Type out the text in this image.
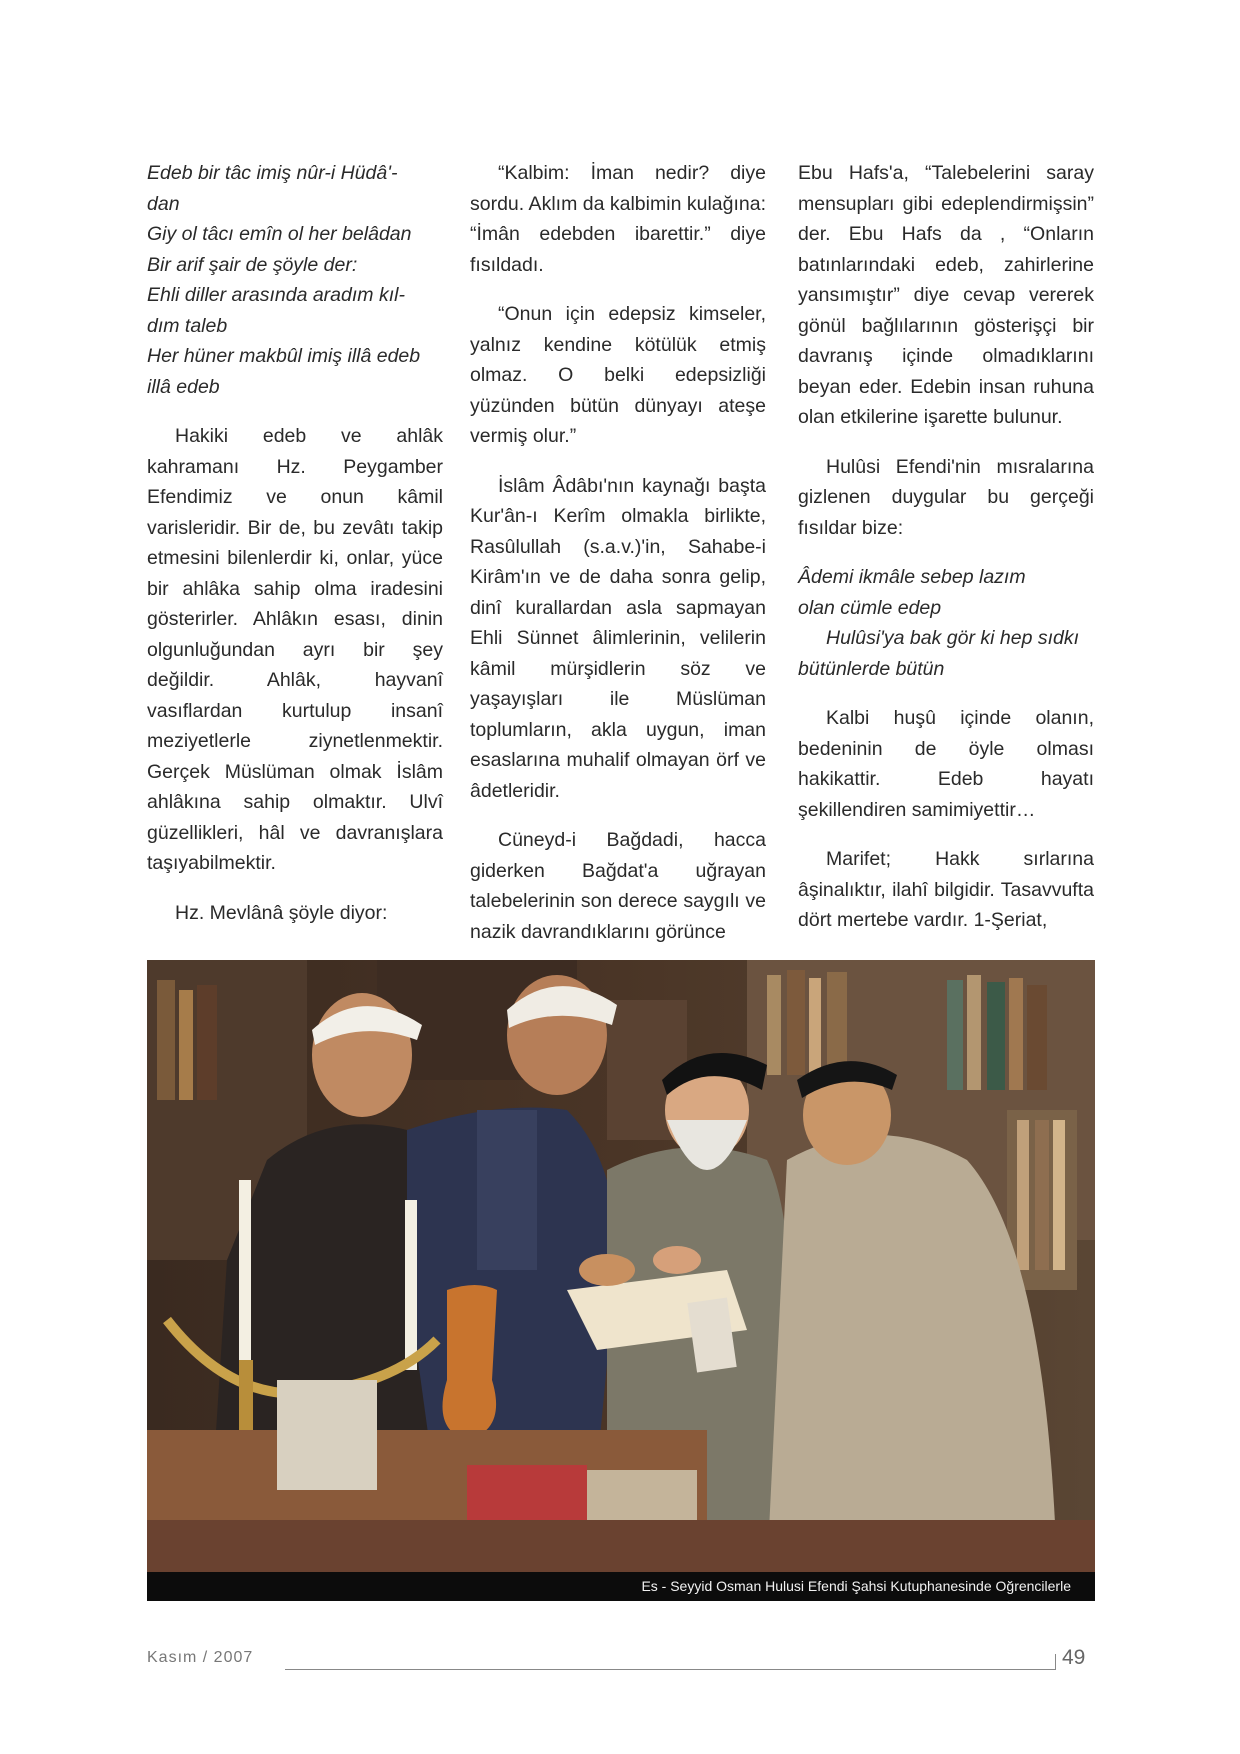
Edeb bir tâc imiş nûr-i Hüdâ'-
dan
Giy ol tâcı emîn ol her belâdan
Bir arif şair de şöyle der:
Ehli diller arasında aradım kıl-
dım taleb
Her hüner makbûl imiş illâ edeb
illâ edeb

Hakiki edeb ve ahlâk kahramanı Hz. Peygamber Efendimiz ve onun kâmil varisleridir. Bir de, bu zevâtı takip etmesini bilenlerdir ki, onlar, yüce bir ahlâka sahip olma iradesini gösterirler. Ahlâkın esası, dinin olgunluğundan ayrı bir şey değildir. Ahlâk, hayvanî vasıflardan kurtulup insanî meziyetlerle ziynetlenmektir. Gerçek Müslüman olmak İslâm ahlâkına sahip olmaktır. Ulvî güzellikleri, hâl ve davranışlara taşıyabilmektir.

Hz. Mevlânâ şöyle diyor:

“Kalbim: İman nedir? diye sordu. Aklım da kalbimin kulağına: “İmân edebden ibarettir.” diye fısıldadı.

“Onun için edepsiz kimseler, yalnız kendine kötülük etmiş olmaz. O belki edepsizliği yüzünden bütün dünyayı ateşe vermiş olur.”

İslâm Âdâbı'nın kaynağı başta Kur'ân-ı Kerîm olmakla birlikte, Rasûlullah (s.a.v.)'in, Sahabe-i Kirâm'ın ve de daha sonra gelip, dinî kurallardan asla sapmayan Ehli Sünnet âlimlerinin, velilerin kâmil mürşidlerin söz ve yaşayışları ile Müslüman toplumların, akla uygun, iman esaslarına muhalif olmayan örf ve âdetleridir.

Cüneyd-i Bağdadi, hacca giderken Bağdat'a uğrayan talebelerinin son derece saygılı ve nazik davrandıklarını görünce

Ebu Hafs'a, “Talebelerini saray mensupları gibi edeplendirmişsin” der. Ebu Hafs da , “Onların batınlarındaki edeb, zahirlerine yansımıştır” diye cevap vererek gönül bağlılarının gösterişçi bir davranış içinde olmadıklarını beyan eder. Edebin insan ruhuna olan etkilerine işarette bulunur.

Hulûsi Efendi'nin mısralarına gizlenen duygular bu gerçeği fısıldar bize:

Âdemi ikmâle sebep lazım
olan cümle edep
Hulûsi'ya bak gör ki hep sıdkı
bütünlerde bütün

Kalbi huşû içinde olanın, bedeninin de öyle olması hakikattir. Edeb hayatı şekillendiren samimiyettir…

Marifet; Hakk sırlarına âşinalıktır, ilahî bilgidir. Tasavvufta dört mertebe vardır. 1-Şeriat,

Es - Seyyid Osman Hulusi Efendi Şahsi Kutuphanesinde Oğrencilerle
Kasım / 2007	49
